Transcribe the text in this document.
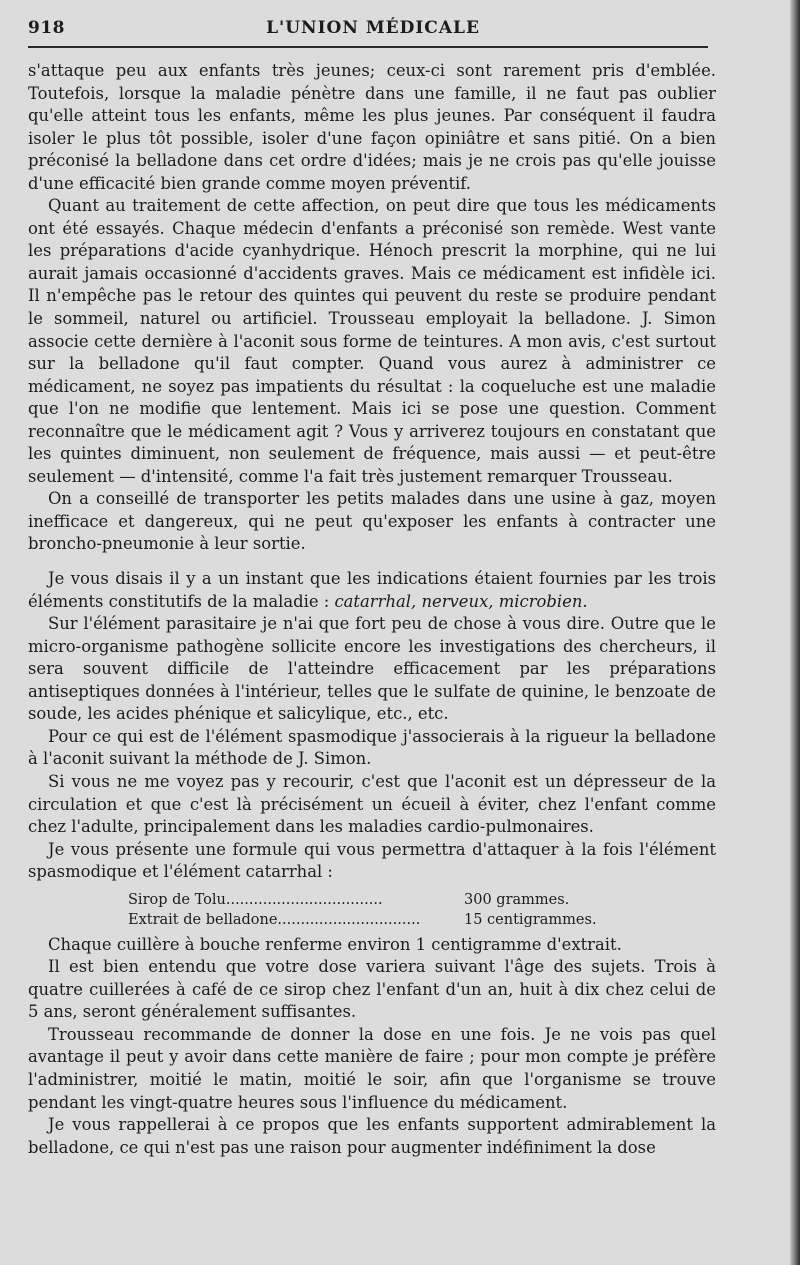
918	L'UNION MÉDICALE

s'attaque peu aux enfants très jeunes; ceux-ci sont rarement pris d'emblée. Toutefois, lorsque la maladie pénètre dans une famille, il ne faut pas oublier qu'elle atteint tous les enfants, même les plus jeunes. Par conséquent il faudra isoler le plus tôt possible, isoler d'une façon opiniâtre et sans pitié. On a bien préconisé la belladone dans cet ordre d'idées; mais je ne crois pas qu'elle jouisse d'une efficacité bien grande comme moyen préventif.

Quant au traitement de cette affection, on peut dire que tous les médicaments ont été essayés. Chaque médecin d'enfants a préconisé son remède. West vante les préparations d'acide cyanhydrique. Hénoch prescrit la morphine, qui ne lui aurait jamais occasionné d'accidents graves. Mais ce médicament est infidèle ici. Il n'empêche pas le retour des quintes qui peuvent du reste se produire pendant le sommeil, naturel ou artificiel. Trousseau employait la belladone. J. Simon associe cette dernière à l'aconit sous forme de teintures. A mon avis, c'est surtout sur la belladone qu'il faut compter. Quand vous aurez à administrer ce médicament, ne soyez pas impatients du résultat : la coqueluche est une maladie que l'on ne modifie que lentement. Mais ici se pose une question. Comment reconnaître que le médicament agit ? Vous y arriverez toujours en constatant que les quintes diminuent, non seulement de fréquence, mais aussi — et peut-être seulement — d'intensité, comme l'a fait très justement remarquer Trousseau.

On a conseillé de transporter les petits malades dans une usine à gaz, moyen inefficace et dangereux, qui ne peut qu'exposer les enfants à contracter une broncho-pneumonie à leur sortie.

Je vous disais il y a un instant que les indications étaient fournies par les trois éléments constitutifs de la maladie : catarrhal, nerveux, microbien.

Sur l'élément parasitaire je n'ai que fort peu de chose à vous dire. Outre que le micro-organisme pathogène sollicite encore les investigations des chercheurs, il sera souvent difficile de l'atteindre efficacement par les préparations antiseptiques données à l'intérieur, telles que le sulfate de quinine, le benzoate de soude, les acides phénique et salicylique, etc., etc.

Pour ce qui est de l'élément spasmodique j'associerais à la rigueur la belladone à l'aconit suivant la méthode de J. Simon.

Si vous ne me voyez pas y recourir, c'est que l'aconit est un dépresseur de la circulation et que c'est là précisément un écueil à éviter, chez l'enfant comme chez l'adulte, principalement dans les maladies cardio-pulmonaires.

Je vous présente une formule qui vous permettra d'attaquer à la fois l'élément spasmodique et l'élément catarrhal :

Sirop de Tolu..................................	300 grammes.
Extrait de belladone...............................	15 centigrammes.

Chaque cuillère à bouche renferme environ 1 centigramme d'extrait.

Il est bien entendu que votre dose variera suivant l'âge des sujets. Trois à quatre cuillerées à café de ce sirop chez l'enfant d'un an, huit à dix chez celui de 5 ans, seront généralement suffisantes.

Trousseau recommande de donner la dose en une fois. Je ne vois pas quel avantage il peut y avoir dans cette manière de faire ; pour mon compte je préfère l'administrer, moitié le matin, moitié le soir, afin que l'organisme se trouve pendant les vingt-quatre heures sous l'influence du médicament.

Je vous rappellerai à ce propos que les enfants supportent admirablement la belladone, ce qui n'est pas une raison pour augmenter indéfiniment la dose
